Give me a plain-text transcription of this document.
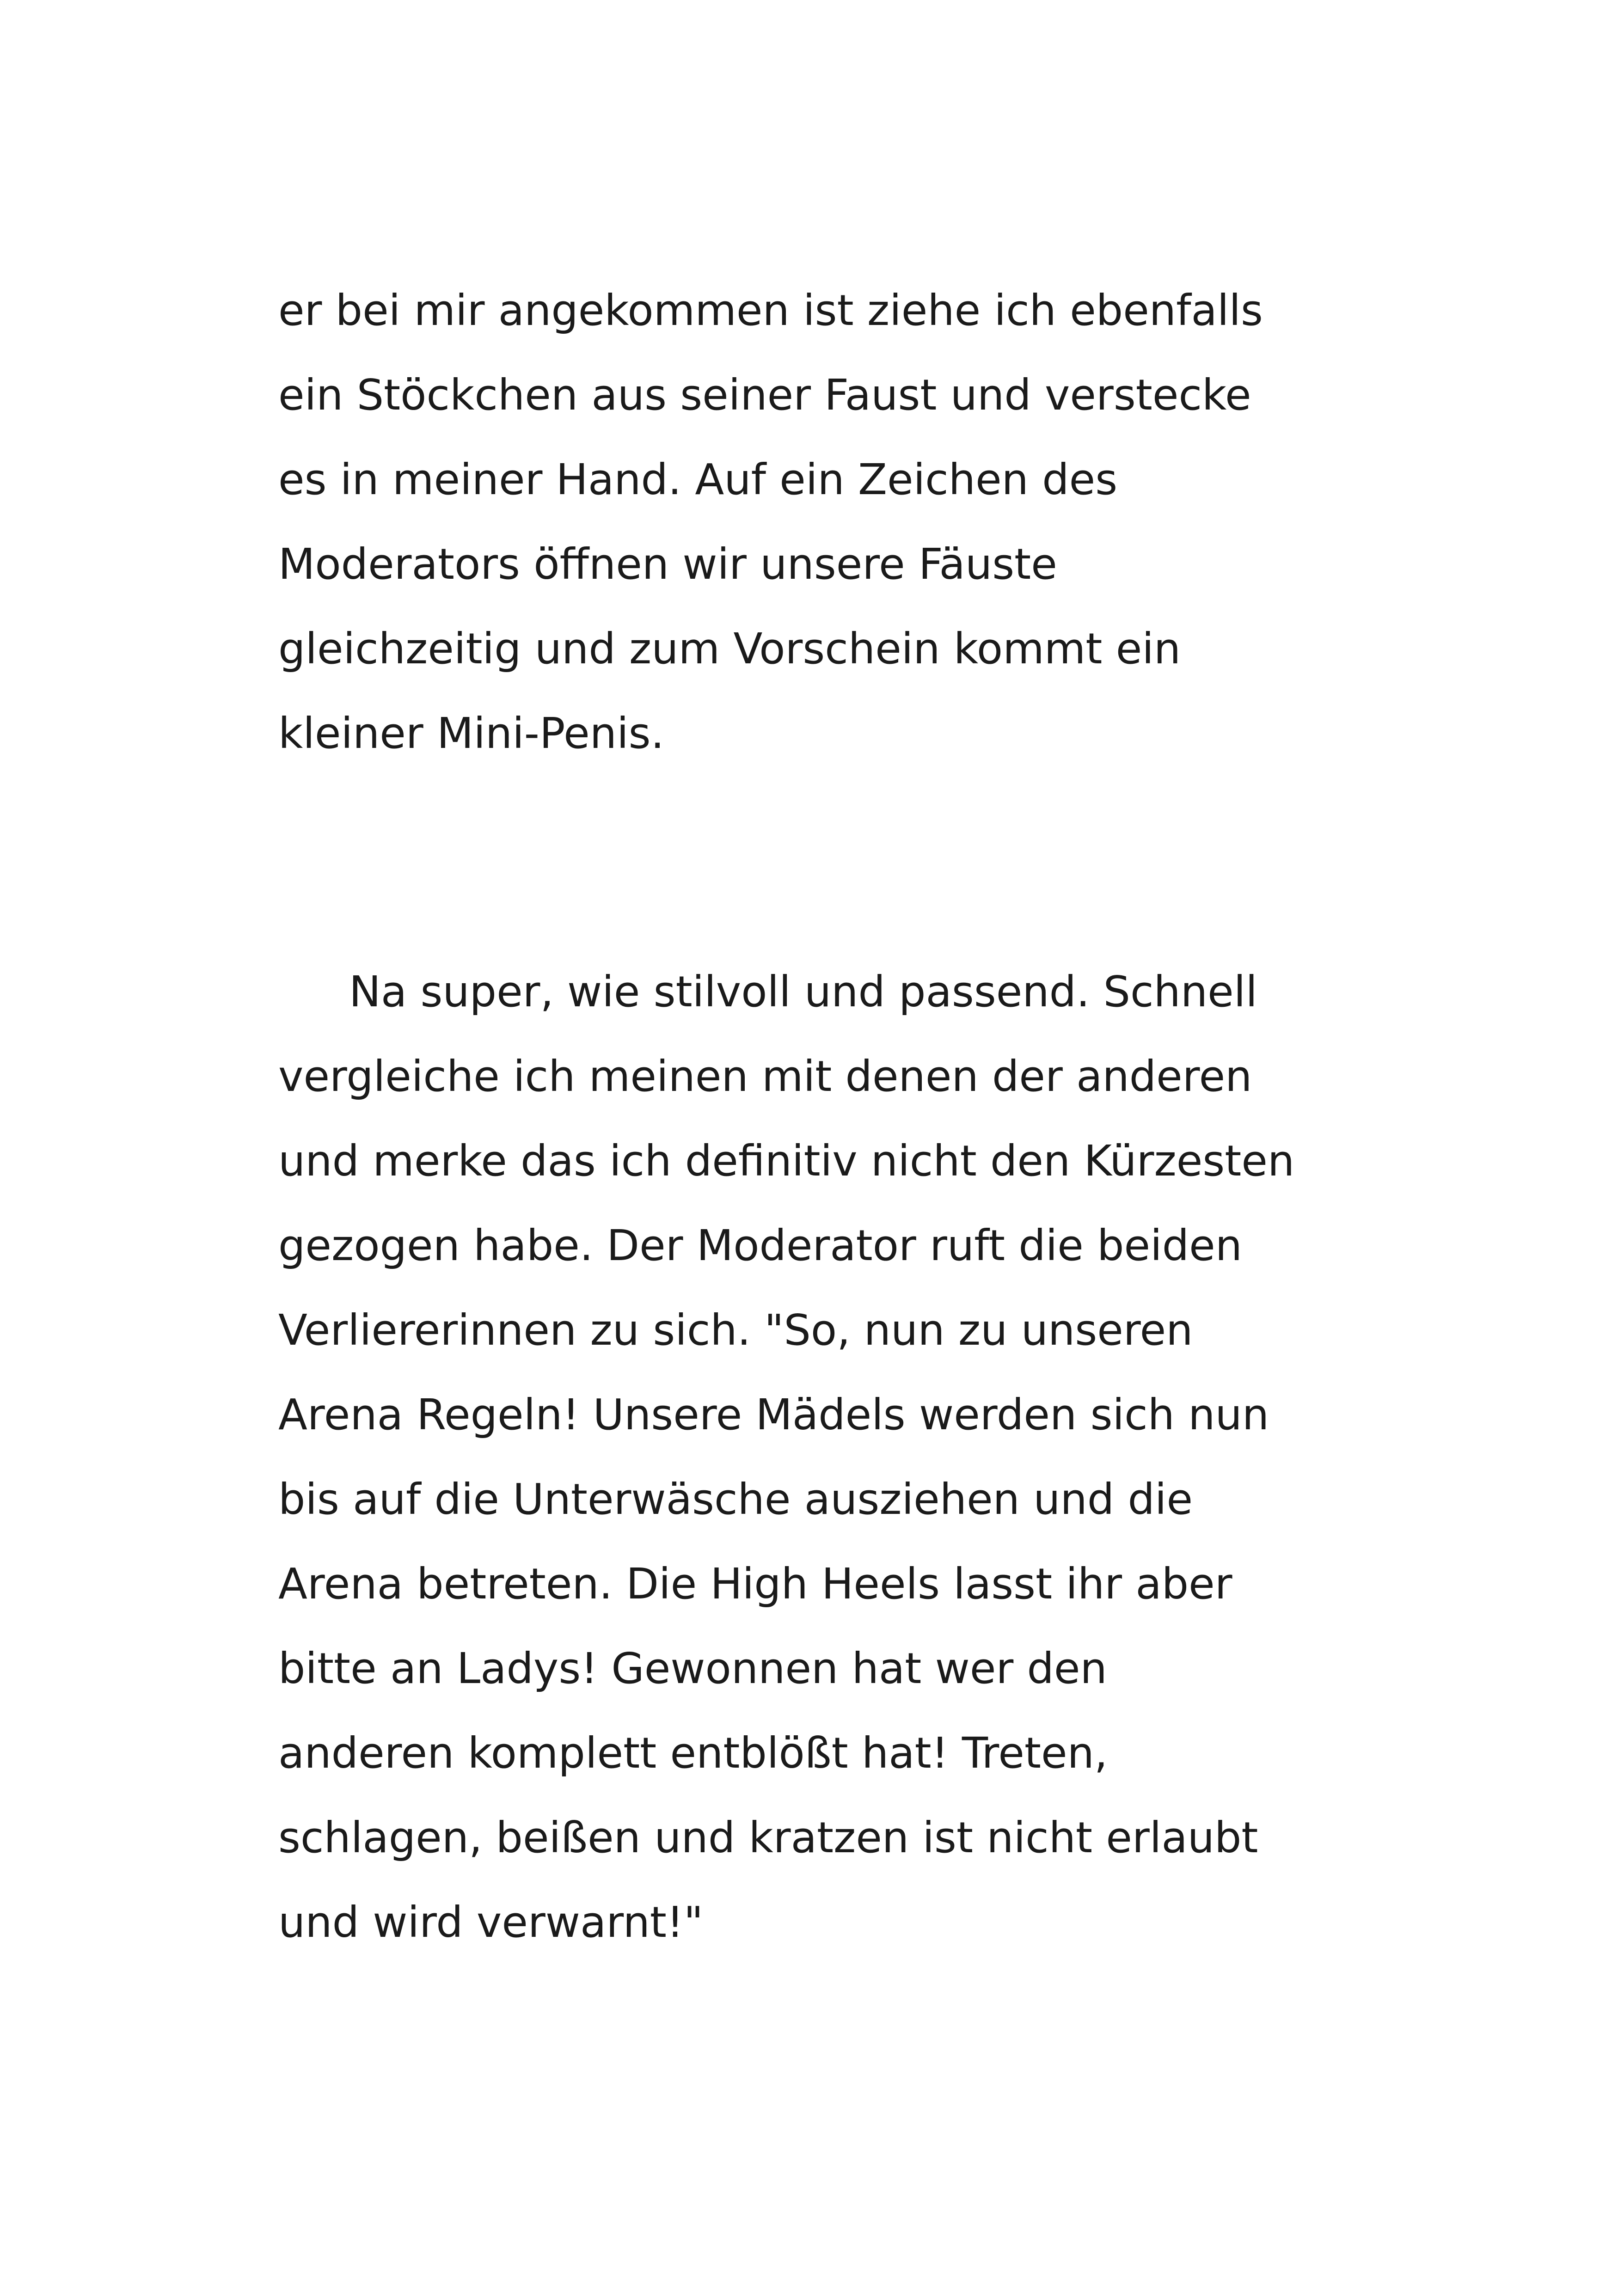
er bei mir angekommen ist ziehe ich ebenfalls

ein Stöckchen aus seiner Faust und verstecke

es in meiner Hand. Auf ein Zeichen des

Moderators öffnen wir unsere Fäuste

gleichzeitig und zum Vorschein kommt ein

kleiner Mini-Penis.

Na super, wie stilvoll und passend. Schnell

vergleiche ich meinen mit denen der anderen

und merke das ich definitiv nicht den Kürzesten

gezogen habe. Der Moderator ruft die beiden

Verliererinnen zu sich. "So, nun zu unseren

Arena Regeln! Unsere Mädels werden sich nun

bis auf die Unterwäsche ausziehen und die

Arena betreten. Die High Heels lasst ihr aber

bitte an Ladys! Gewonnen hat wer den

anderen komplett entblößt hat! Treten,

schlagen, beißen und kratzen ist nicht erlaubt

und wird verwarnt!"
